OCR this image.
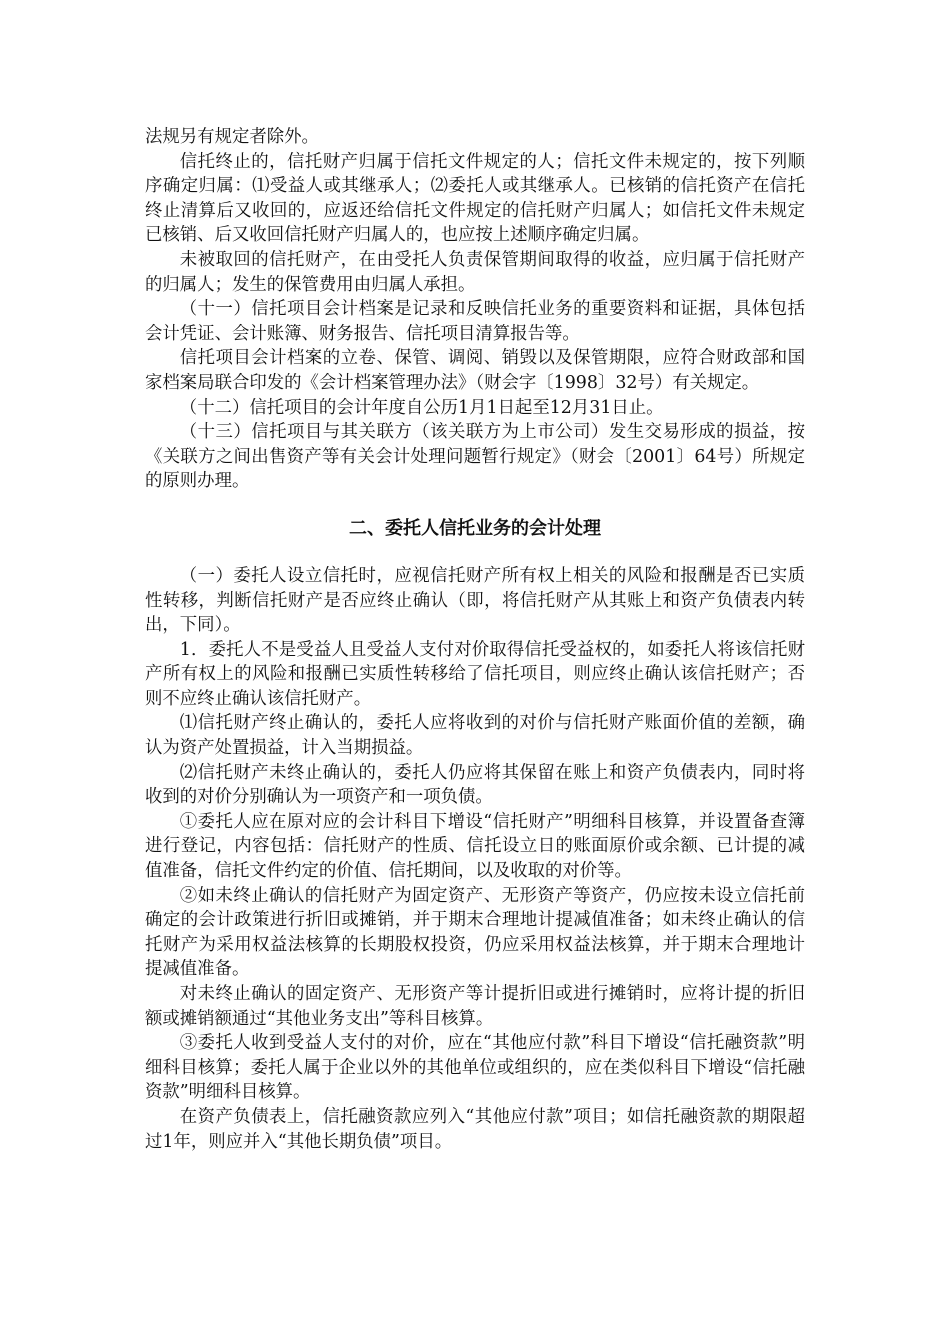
法规另有规定者除外。

信托终止的，信托财产归属于信托文件规定的人；信托文件未规定的，按下列顺序确定归属：⑴受益人或其继承人；⑵委托人或其继承人。已核销的信托资产在信托终止清算后又收回的，应返还给信托文件规定的信托财产归属人；如信托文件未规定已核销、后又收回信托财产归属人的，也应按上述顺序确定归属。

未被取回的信托财产，在由受托人负责保管期间取得的收益，应归属于信托财产的归属人；发生的保管费用由归属人承担。

（十一）信托项目会计档案是记录和反映信托业务的重要资料和证据，具体包括会计凭证、会计账簿、财务报告、信托项目清算报告等。

信托项目会计档案的立卷、保管、调阅、销毁以及保管期限，应符合财政部和国家档案局联合印发的《会计档案管理办法》（财会字〔1998〕32号）有关规定。

（十二）信托项目的会计年度自公历1月1日起至12月31日止。

（十三）信托项目与其关联方（该关联方为上市公司）发生交易形成的损益，按《关联方之间出售资产等有关会计处理问题暂行规定》（财会〔2001〕64号）所规定的原则办理。

二、委托人信托业务的会计处理

（一）委托人设立信托时，应视信托财产所有权上相关的风险和报酬是否已实质性转移，判断信托财产是否应终止确认（即，将信托财产从其账上和资产负债表内转出，下同）。

1．委托人不是受益人且受益人支付对价取得信托受益权的，如委托人将该信托财产所有权上的风险和报酬已实质性转移给了信托项目，则应终止确认该信托财产；否则不应终止确认该信托财产。

⑴信托财产终止确认的，委托人应将收到的对价与信托财产账面价值的差额，确认为资产处置损益，计入当期损益。

⑵信托财产未终止确认的，委托人仍应将其保留在账上和资产负债表内，同时将收到的对价分别确认为一项资产和一项负债。

①委托人应在原对应的会计科目下增设“信托财产”明细科目核算，并设置备查簿进行登记，内容包括：信托财产的性质、信托设立日的账面原价或余额、已计提的减值准备，信托文件约定的价值、信托期间，以及收取的对价等。

②如未终止确认的信托财产为固定资产、无形资产等资产，仍应按未设立信托前确定的会计政策进行折旧或摊销，并于期末合理地计提减值准备；如未终止确认的信托财产为采用权益法核算的长期股权投资，仍应采用权益法核算，并于期末合理地计提减值准备。

对未终止确认的固定资产、无形资产等计提折旧或进行摊销时，应将计提的折旧额或摊销额通过“其他业务支出”等科目核算。

③委托人收到受益人支付的对价，应在“其他应付款”科目下增设“信托融资款”明细科目核算；委托人属于企业以外的其他单位或组织的，应在类似科目下增设“信托融资款”明细科目核算。

在资产负债表上，信托融资款应列入“其他应付款”项目；如信托融资款的期限超过1年，则应并入“其他长期负债”项目。
